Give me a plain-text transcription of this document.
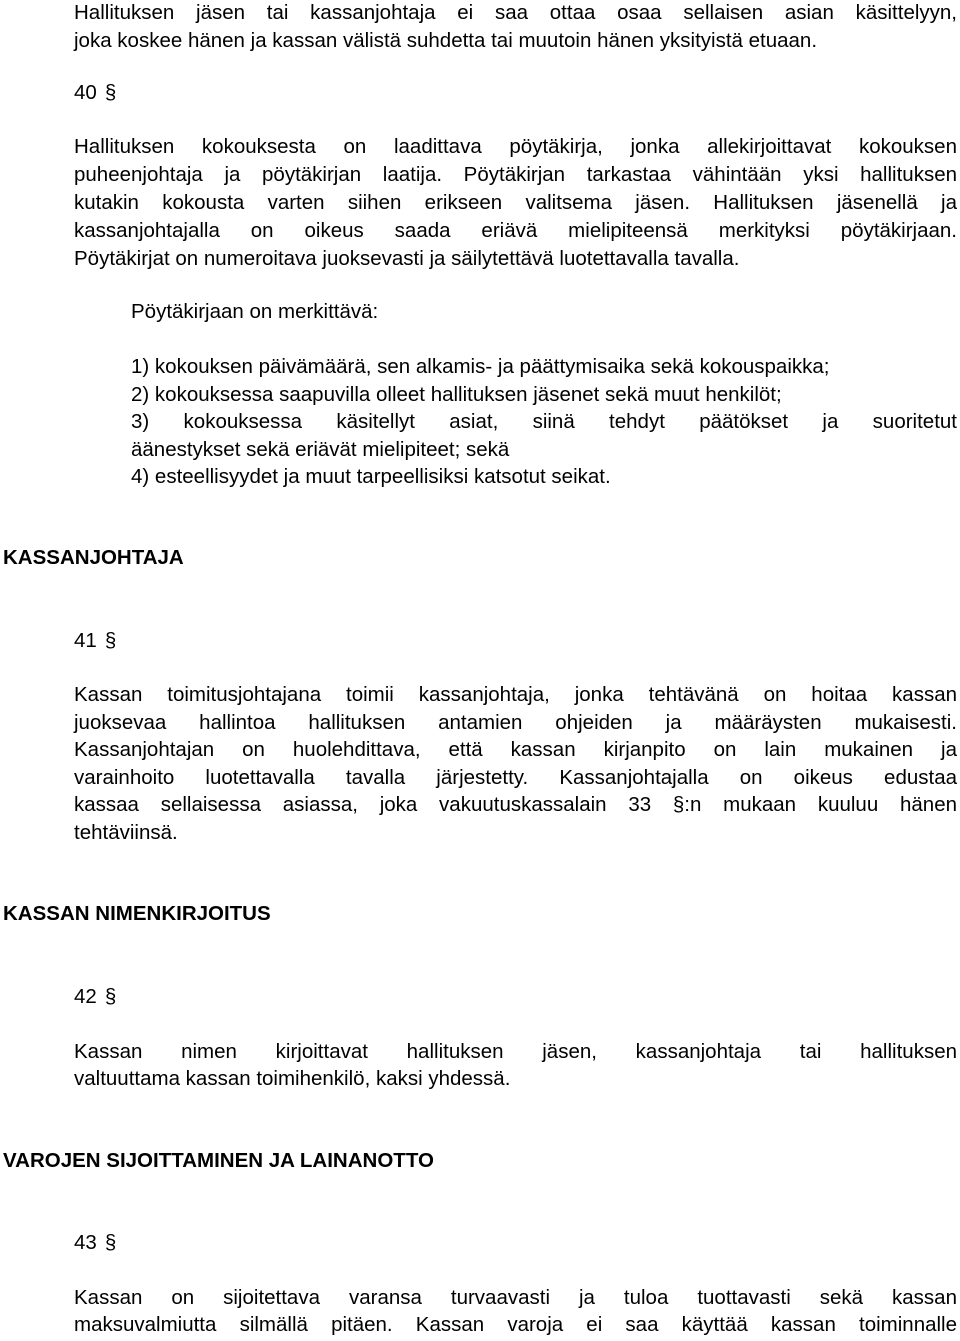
Hallituksen jäsen tai kassanjohtaja ei saa ottaa osaa sellaisen asian käsittelyyn,
joka koskee hänen ja kassan välistä suhdetta tai muutoin hänen yksityistä etuaan.
40 §
Hallituksen kokouksesta on laadittava pöytäkirja, jonka allekirjoittavat kokouksen
puheenjohtaja ja pöytäkirjan laatija. Pöytäkirjan tarkastaa vähintään yksi hallituksen
kutakin kokousta varten siihen erikseen valitsema jäsen. Hallituksen jäsenellä ja
kassanjohtajalla on oikeus saada eriävä mielipiteensä merkityksi pöytäkirjaan.
Pöytäkirjat on numeroitava juoksevasti ja säilytettävä luotettavalla tavalla.
Pöytäkirjaan on merkittävä:
1) kokouksen päivämäärä, sen alkamis- ja päättymisaika sekä kokouspaikka;
2) kokouksessa saapuvilla olleet hallituksen jäsenet sekä muut henkilöt;
3) kokouksessa käsitellyt asiat, siinä tehdyt päätökset ja suoritetut
äänestykset sekä eriävät mielipiteet; sekä
4) esteellisyydet ja muut tarpeellisiksi katsotut seikat.
KASSANJOHTAJA
41 §
Kassan toimitusjohtajana toimii kassanjohtaja, jonka tehtävänä on hoitaa kassan
juoksevaa hallintoa hallituksen antamien ohjeiden ja määräysten mukaisesti.
Kassanjohtajan on huolehdittava, että kassan kirjanpito on lain mukainen ja
varainhoito luotettavalla tavalla järjestetty. Kassanjohtajalla on oikeus edustaa
kassaa sellaisessa asiassa, joka vakuutuskassalain 33 §:n mukaan kuuluu hänen
tehtäviinsä.
KASSAN NIMENKIRJOITUS
42 §
Kassan nimen kirjoittavat hallituksen jäsen, kassanjohtaja tai hallituksen
valtuuttama kassan toimihenkilö, kaksi yhdessä.
VAROJEN SIJOITTAMINEN JA LAINANOTTO
43 §
Kassan on sijoitettava varansa turvaavasti ja tuloa tuottavasti sekä kassan
maksuvalmiutta silmällä pitäen. Kassan varoja ei saa käyttää kassan toiminnalle
